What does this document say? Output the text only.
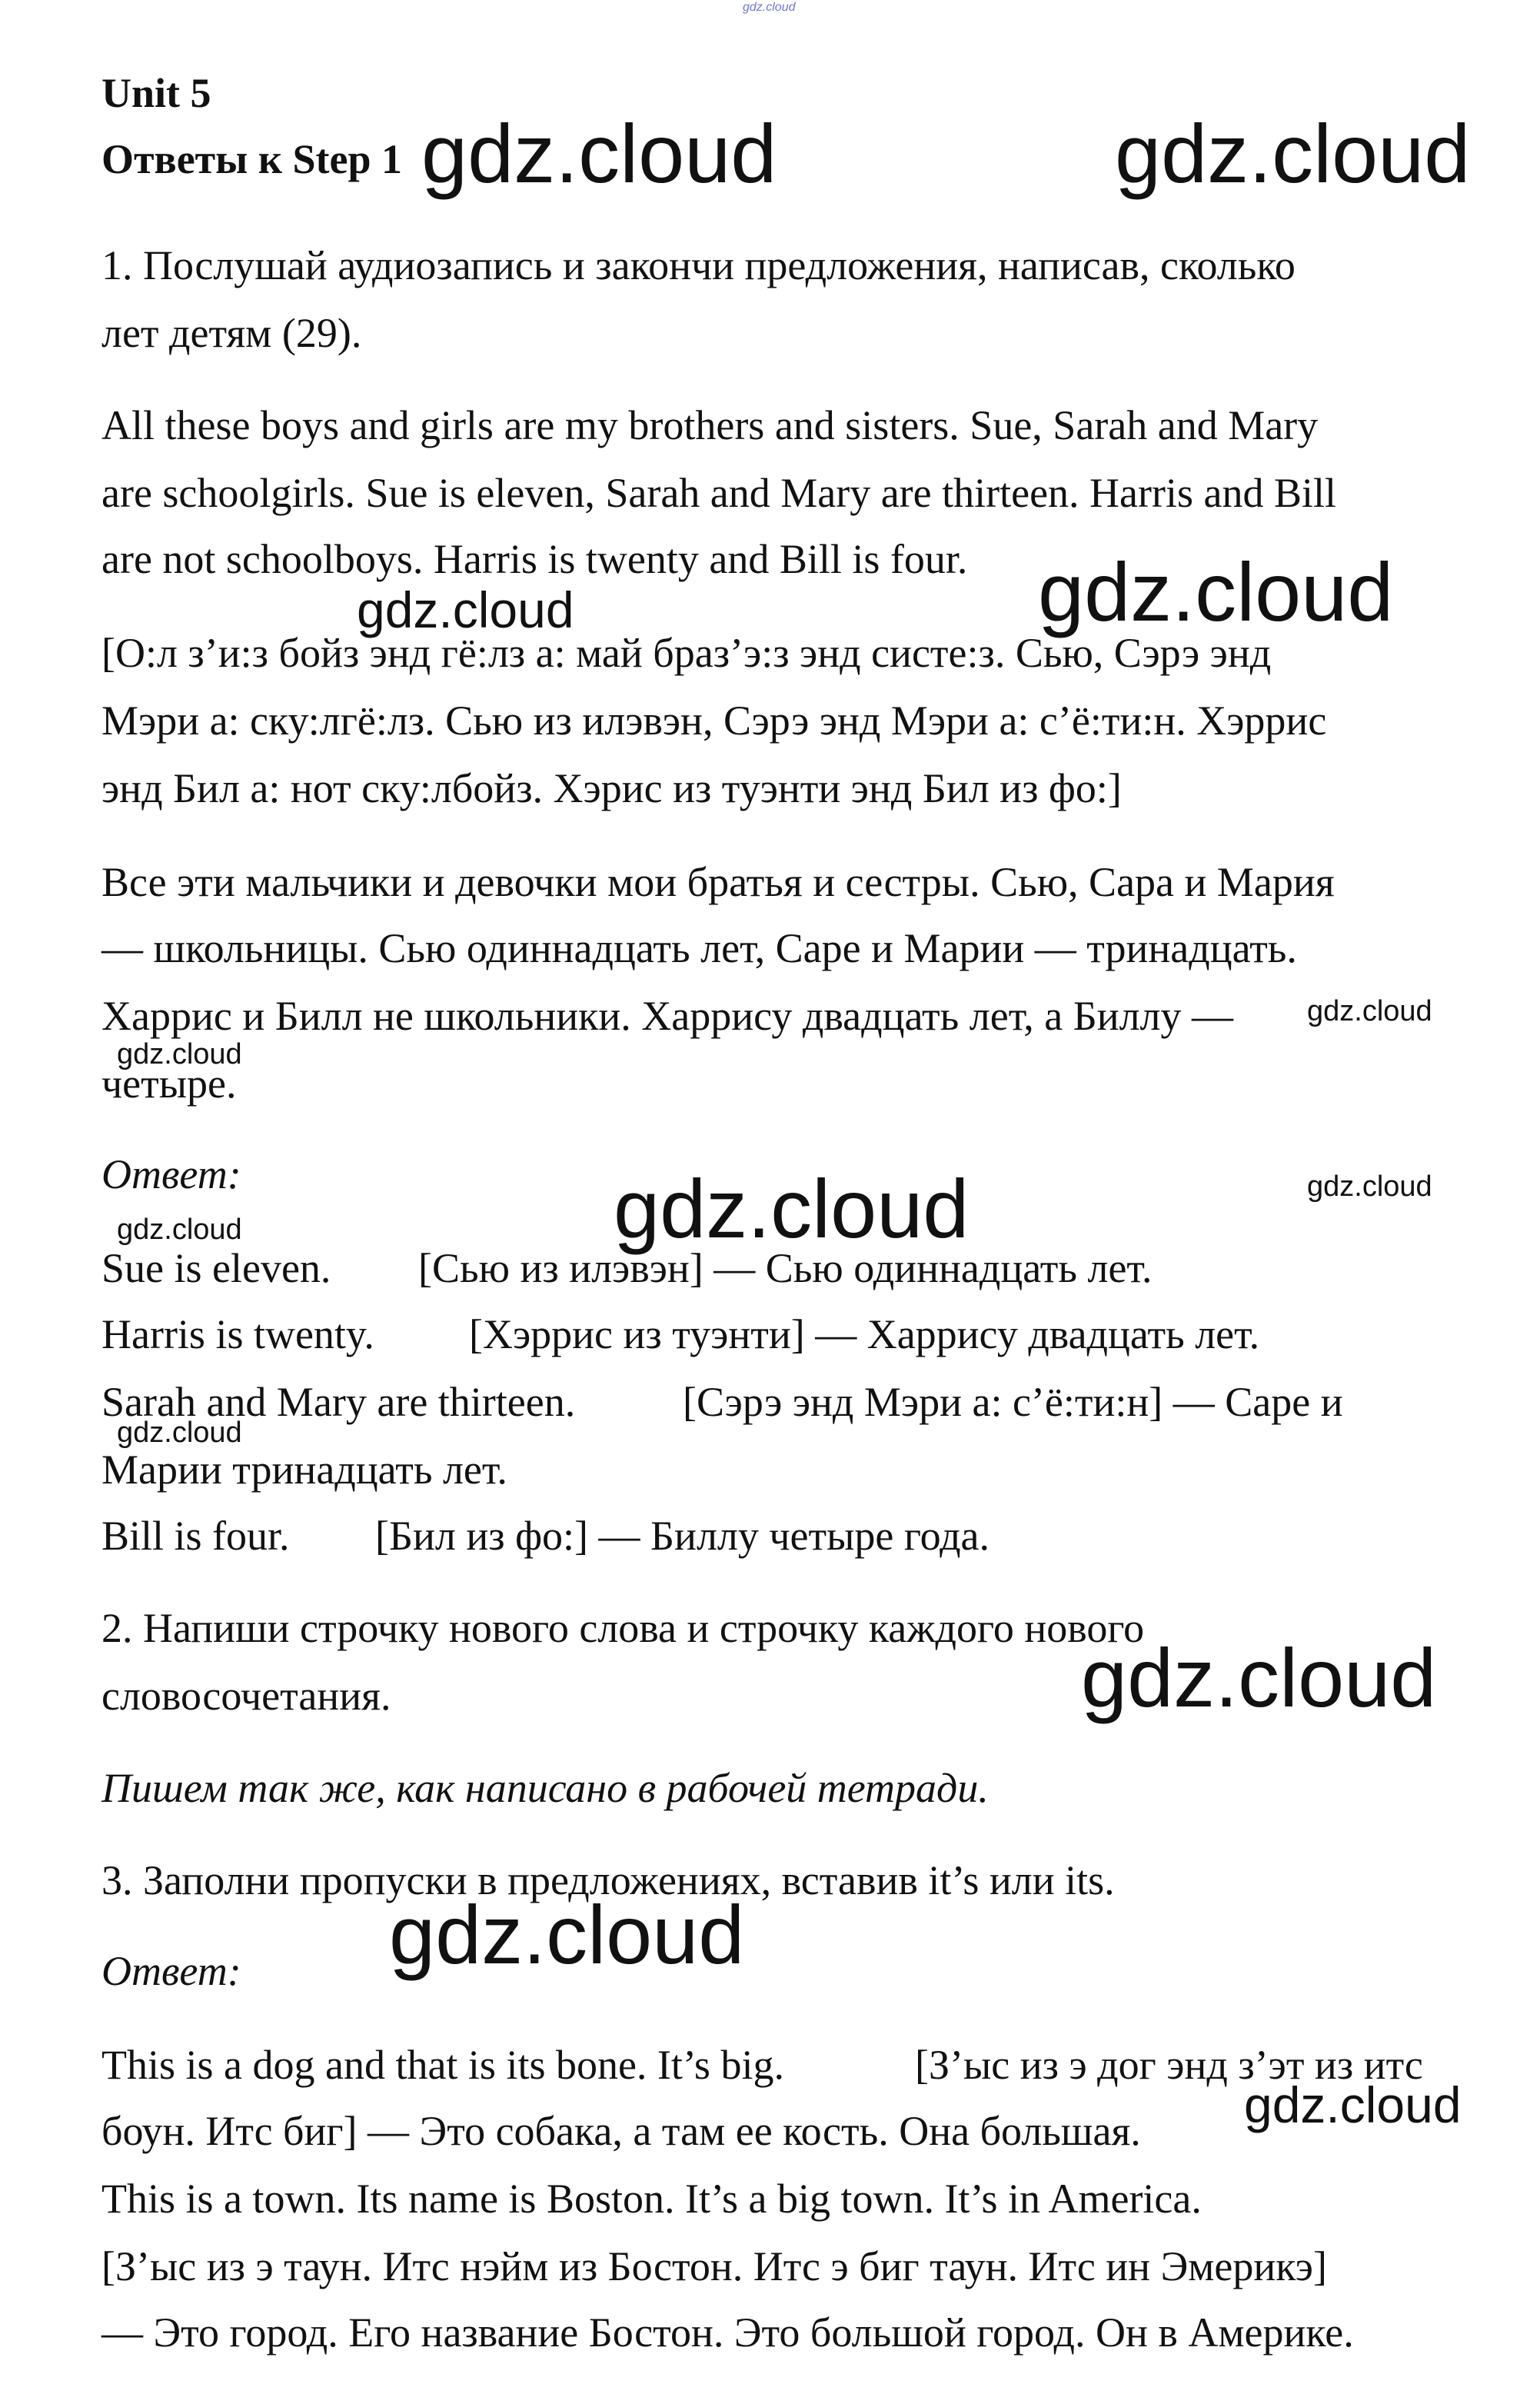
gdz.cloud
Unit 5
Ответы к Step 1 gdz.cloud	gdz.cloud
1. Послушай аудиозапись и закончи предложения, написав, сколько
лет детям (29).
All these boys and girls are my brothers and sisters. Sue, Sarah and Mary
are schoolgirls. Sue is eleven, Sarah and Mary are thirteen. Harris and Bill
are not schoolboys. Harris is twenty and Bill is four.
gdz.cloud	gdz.cloud
[О:л з’и:з бойз энд гё:лз а: май браз’э:з энд систе:з. Сью, Сэрэ энд
Мэри а: ску:лгё:лз. Сью из илэвэн, Сэрэ энд Мэри а: с’ё:ти:н. Хэррис
энд Бил а: нот ску:лбойз. Хэрис из туэнти энд Бил из фо:]
Все эти мальчики и девочки мои братья и сестры. Сью, Сара и Мария
— школьницы. Сью одиннадцать лет, Саре и Марии — тринадцать.
Харрис и Билл не школьники. Харрису двадцать лет, а Биллу —	gdz.cloud
gdz.cloud
четыре.
Ответ:	gdz.cloud	gdz.cloud
gdz.cloud
Sue is eleven. [Сью из илэвэн] — Сью одиннадцать лет.
Harris is twenty. [Хэррис из туэнти] — Харрису двадцать лет.
Sarah and Mary are thirteen.	[Сэрэ энд Мэри а: с’ё:ти:н] — Саре и
gdz.cloud
Марии тринадцать лет.
Bill is four. [Бил из фо:] — Биллу четыре года.
2. Напиши строчку нового слова и строчку каждого нового
gdz.cloud
словосочетания.
Пишем так же, как написано в рабочей тетради.
3. Заполни пропуски в предложениях, вставив it’s или its.
gdz.cloud
Ответ:
This is a dog and that is its bone. It’s big.	[З’ыс из э дог энд з’эт из итс
gdz.cloud
боун. Итс биг] — Это собака, а там ее кость. Она большая.
This is a town. Its name is Boston. It’s a big town. It’s in America.
[З’ыс из э таун. Итс нэйм из Бостон. Итс э биг таун. Итс ин Эмерикэ]
— Это город. Его название Бостон. Это большой город. Он в Америке.
